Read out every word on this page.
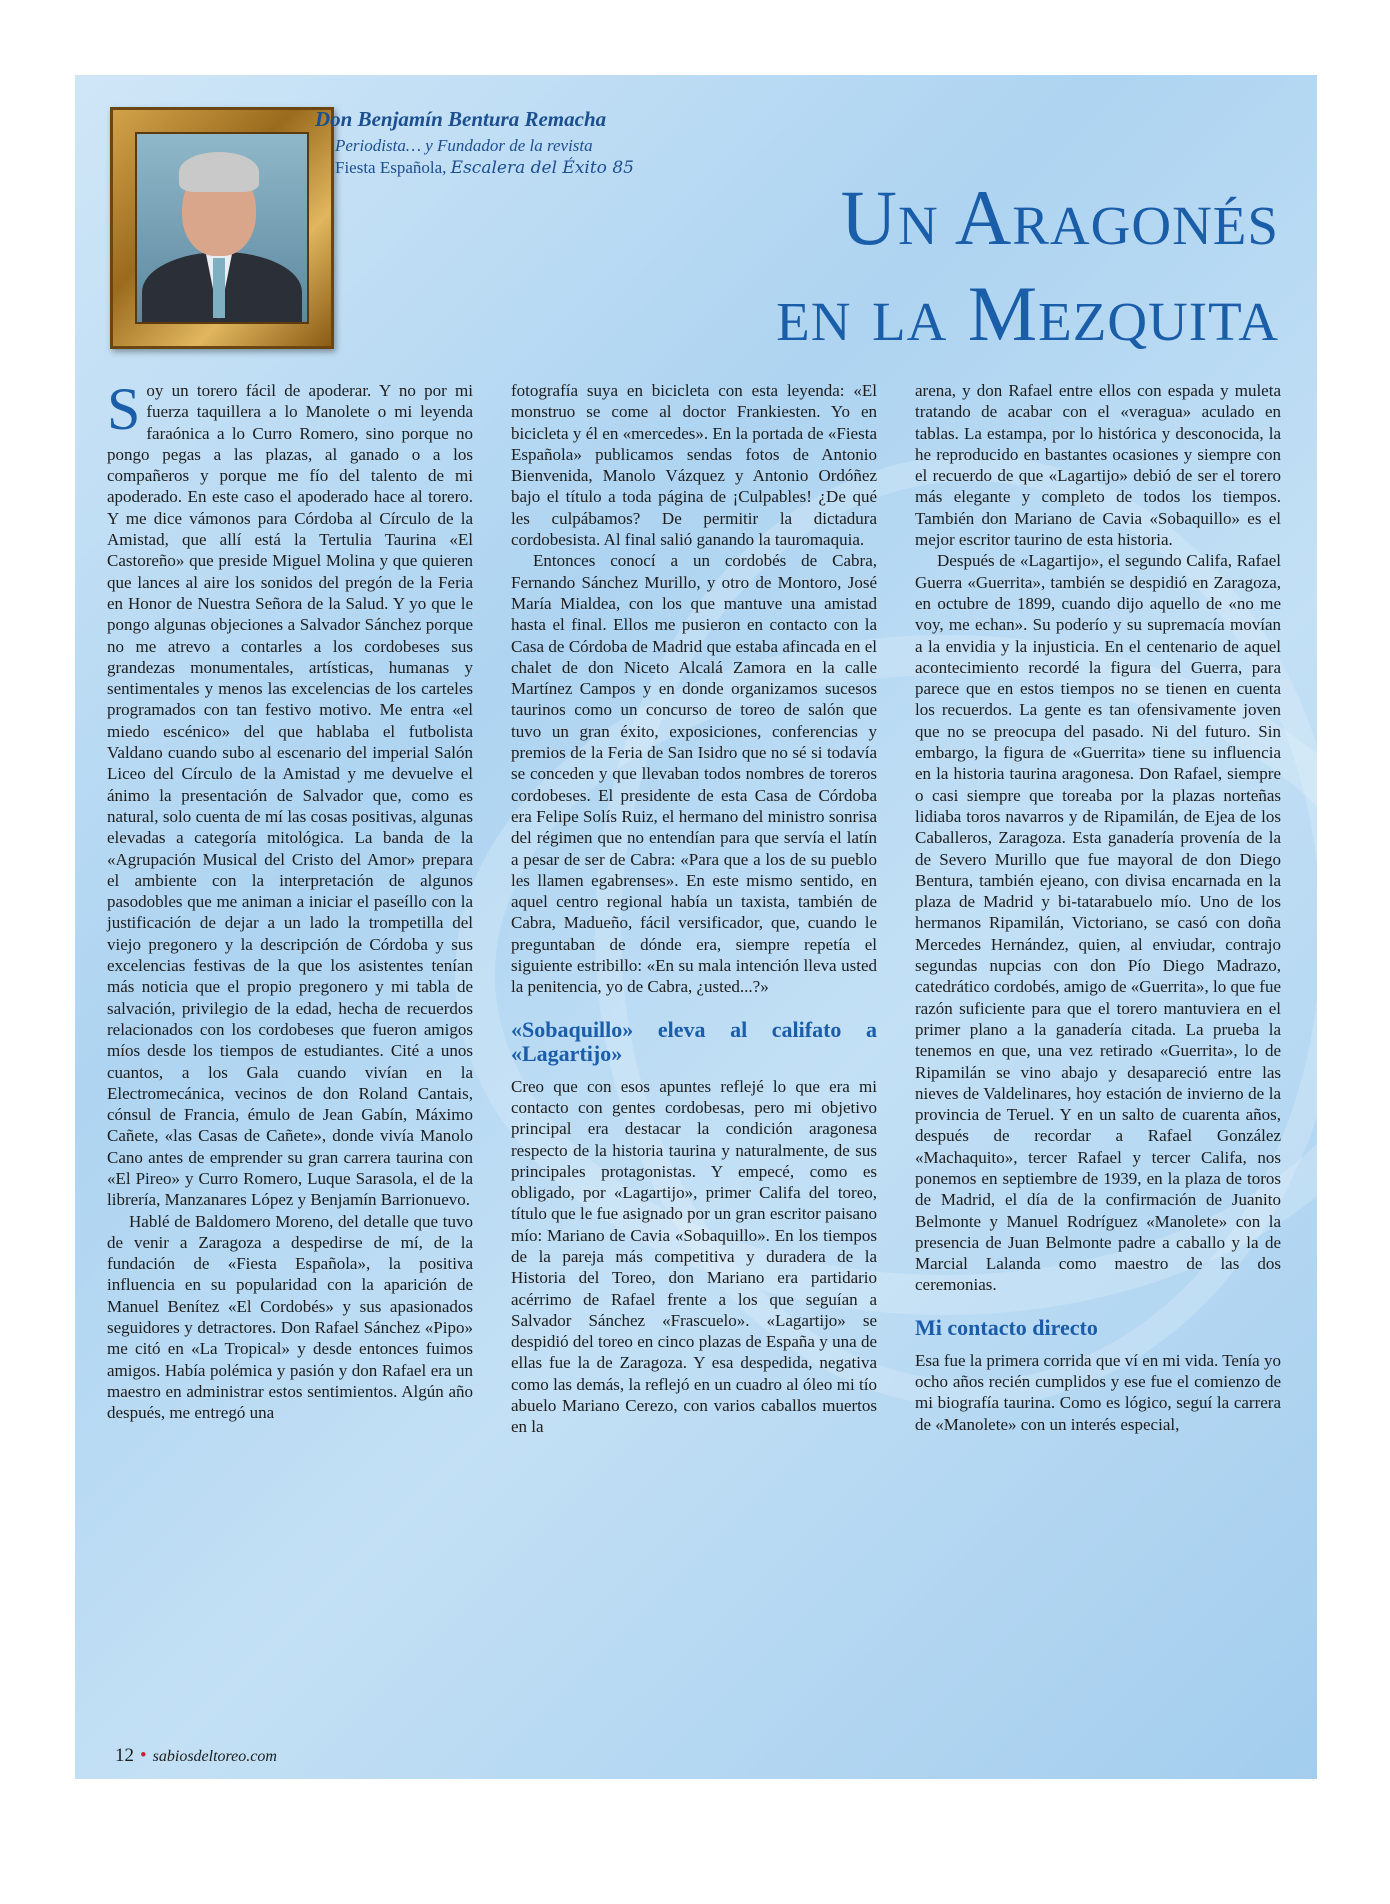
Don Benjamín Bentura Remacha

Periodista… y Fundador de la revista

Fiesta Española, Escalera del Éxito 85

Un Aragonés
en la Mezquita

Soy un torero fácil de apoderar. Y no por mi fuerza taquillera a lo Manolete o mi leyenda faraónica a lo Curro Romero, sino porque no pongo pegas a las plazas, al ganado o a los compañeros y porque me fío del talento de mi apoderado. En este caso el apoderado hace al torero. Y me dice vámonos para Córdoba al Círculo de la Amistad, que allí está la Tertulia Taurina «El Castoreño» que preside Miguel Molina y que quieren que lances al aire los sonidos del pregón de la Feria en Honor de Nuestra Señora de la Salud. Y yo que le pongo algunas objeciones a Salvador Sánchez porque no me atrevo a contarles a los cordobeses sus grandezas monumentales, artísticas, humanas y sentimentales y menos las excelencias de los carteles programados con tan festivo motivo. Me entra «el miedo escénico» del que hablaba el futbolista Valdano cuando subo al escenario del imperial Salón Liceo del Círculo de la Amistad y me devuelve el ánimo la presentación de Salvador que, como es natural, solo cuenta de mí las cosas positivas, algunas elevadas a categoría mitológica. La banda de la «Agrupación Musical del Cristo del Amor» prepara el ambiente con la interpretación de algunos pasodobles que me animan a iniciar el paseíllo con la justificación de dejar a un lado la trompetilla del viejo pregonero y la descripción de Córdoba y sus excelencias festivas de la que los asistentes tenían más noticia que el propio pregonero y mi tabla de salvación, privilegio de la edad, hecha de recuerdos relacionados con los cordobeses que fueron amigos míos desde los tiempos de estudiantes. Cité a unos cuantos, a los Gala cuando vivían en la Electromecánica, vecinos de don Roland Cantais, cónsul de Francia, émulo de Jean Gabín, Máximo Cañete, «las Casas de Cañete», donde vivía Manolo Cano antes de emprender su gran carrera taurina con «El Pireo» y Curro Romero, Luque Sarasola, el de la librería, Manzanares López y Benjamín Barrionuevo.

Hablé de Baldomero Moreno, del detalle que tuvo de venir a Zaragoza a despedirse de mí, de la fundación de «Fiesta Española», la positiva influencia en su popularidad con la aparición de Manuel Benítez «El Cordobés» y sus apasionados seguidores y detractores. Don Rafael Sánchez «Pipo» me citó en «La Tropical» y desde entonces fuimos amigos. Había polémica y pasión y don Rafael era un maestro en administrar estos sentimientos. Algún año después, me entregó una

fotografía suya en bicicleta con esta leyenda: «El monstruo se come al doctor Frankiesten. Yo en bicicleta y él en «mercedes». En la portada de «Fiesta Española» publicamos sendas fotos de Antonio Bienvenida, Manolo Vázquez y Antonio Ordóñez bajo el título a toda página de ¡Culpables! ¿De qué les culpábamos? De permitir la dictadura cordobesista. Al final salió ganando la tauromaquia.

Entonces conocí a un cordobés de Cabra, Fernando Sánchez Murillo, y otro de Montoro, José María Mialdea, con los que mantuve una amistad hasta el final. Ellos me pusieron en contacto con la Casa de Córdoba de Madrid que estaba afincada en el chalet de don Niceto Alcalá Zamora en la calle Martínez Campos y en donde organizamos sucesos taurinos como un concurso de toreo de salón que tuvo un gran éxito, exposiciones, conferencias y premios de la Feria de San Isidro que no sé si todavía se conceden y que llevaban todos nombres de toreros cordobeses. El presidente de esta Casa de Córdoba era Felipe Solís Ruiz, el hermano del ministro sonrisa del régimen que no entendían para que servía el latín a pesar de ser de Cabra: «Para que a los de su pueblo les llamen egabrenses». En este mismo sentido, en aquel centro regional había un taxista, también de Cabra, Madueño, fácil versificador, que, cuando le preguntaban de dónde era, siempre repetía el siguiente estribillo: «En su mala intención lleva usted la penitencia, yo de Cabra, ¿usted...?»

«Sobaquillo» eleva al califato a «Lagartijo»

Creo que con esos apuntes reflejé lo que era mi contacto con gentes cordobesas, pero mi objetivo principal era destacar la condición aragonesa respecto de la historia taurina y naturalmente, de sus principales protagonistas. Y empecé, como es obligado, por «Lagartijo», primer Califa del toreo, título que le fue asignado por un gran escritor paisano mío: Mariano de Cavia «Sobaquillo». En los tiempos de la pareja más competitiva y duradera de la Historia del Toreo, don Mariano era partidario acérrimo de Rafael frente a los que seguían a Salvador Sánchez «Frascuelo». «Lagartijo» se despidió del toreo en cinco plazas de España y una de ellas fue la de Zaragoza. Y esa despedida, negativa como las demás, la reflejó en un cuadro al óleo mi tío abuelo Mariano Cerezo, con varios caballos muertos en la

arena, y don Rafael entre ellos con espada y muleta tratando de acabar con el «veragua» aculado en tablas. La estampa, por lo histórica y desconocida, la he reproducido en bastantes ocasiones y siempre con el recuerdo de que «Lagartijo» debió de ser el torero más elegante y completo de todos los tiempos. También don Mariano de Cavia «Sobaquillo» es el mejor escritor taurino de esta historia.

Después de «Lagartijo», el segundo Califa, Rafael Guerra «Guerrita», también se despidió en Zaragoza, en octubre de 1899, cuando dijo aquello de «no me voy, me echan». Su poderío y su supremacía movían a la envidia y la injusticia. En el centenario de aquel acontecimiento recordé la figura del Guerra, para parece que en estos tiempos no se tienen en cuenta los recuerdos. La gente es tan ofensivamente joven que no se preocupa del pasado. Ni del futuro. Sin embargo, la figura de «Guerrita» tiene su influencia en la historia taurina aragonesa. Don Rafael, siempre o casi siempre que toreaba por la plazas norteñas lidiaba toros navarros y de Ripamilán, de Ejea de los Caballeros, Zaragoza. Esta ganadería provenía de la de Severo Murillo que fue mayoral de don Diego Bentura, también ejeano, con divisa encarnada en la plaza de Madrid y bi-tatarabuelo mío. Uno de los hermanos Ripamilán, Victoriano, se casó con doña Mercedes Hernández, quien, al enviudar, contrajo segundas nupcias con don Pío Diego Madrazo, catedrático cordobés, amigo de «Guerrita», lo que fue razón suficiente para que el torero mantuviera en el primer plano a la ganadería citada. La prueba la tenemos en que, una vez retirado «Guerrita», lo de Ripamilán se vino abajo y desapareció entre las nieves de Valdelinares, hoy estación de invierno de la provincia de Teruel. Y en un salto de cuarenta años, después de recordar a Rafael González «Machaquito», tercer Rafael y tercer Califa, nos ponemos en septiembre de 1939, en la plaza de toros de Madrid, el día de la confirmación de Juanito Belmonte y Manuel Rodríguez «Manolete» con la presencia de Juan Belmonte padre a caballo y la de Marcial Lalanda como maestro de las dos ceremonias.

Mi contacto directo

Esa fue la primera corrida que ví en mi vida. Tenía yo ocho años recién cumplidos y ese fue el comienzo de mi biografía taurina. Como es lógico, seguí la carrera de «Manolete» con un interés especial,

12 • sabiosdeltoreo.com
